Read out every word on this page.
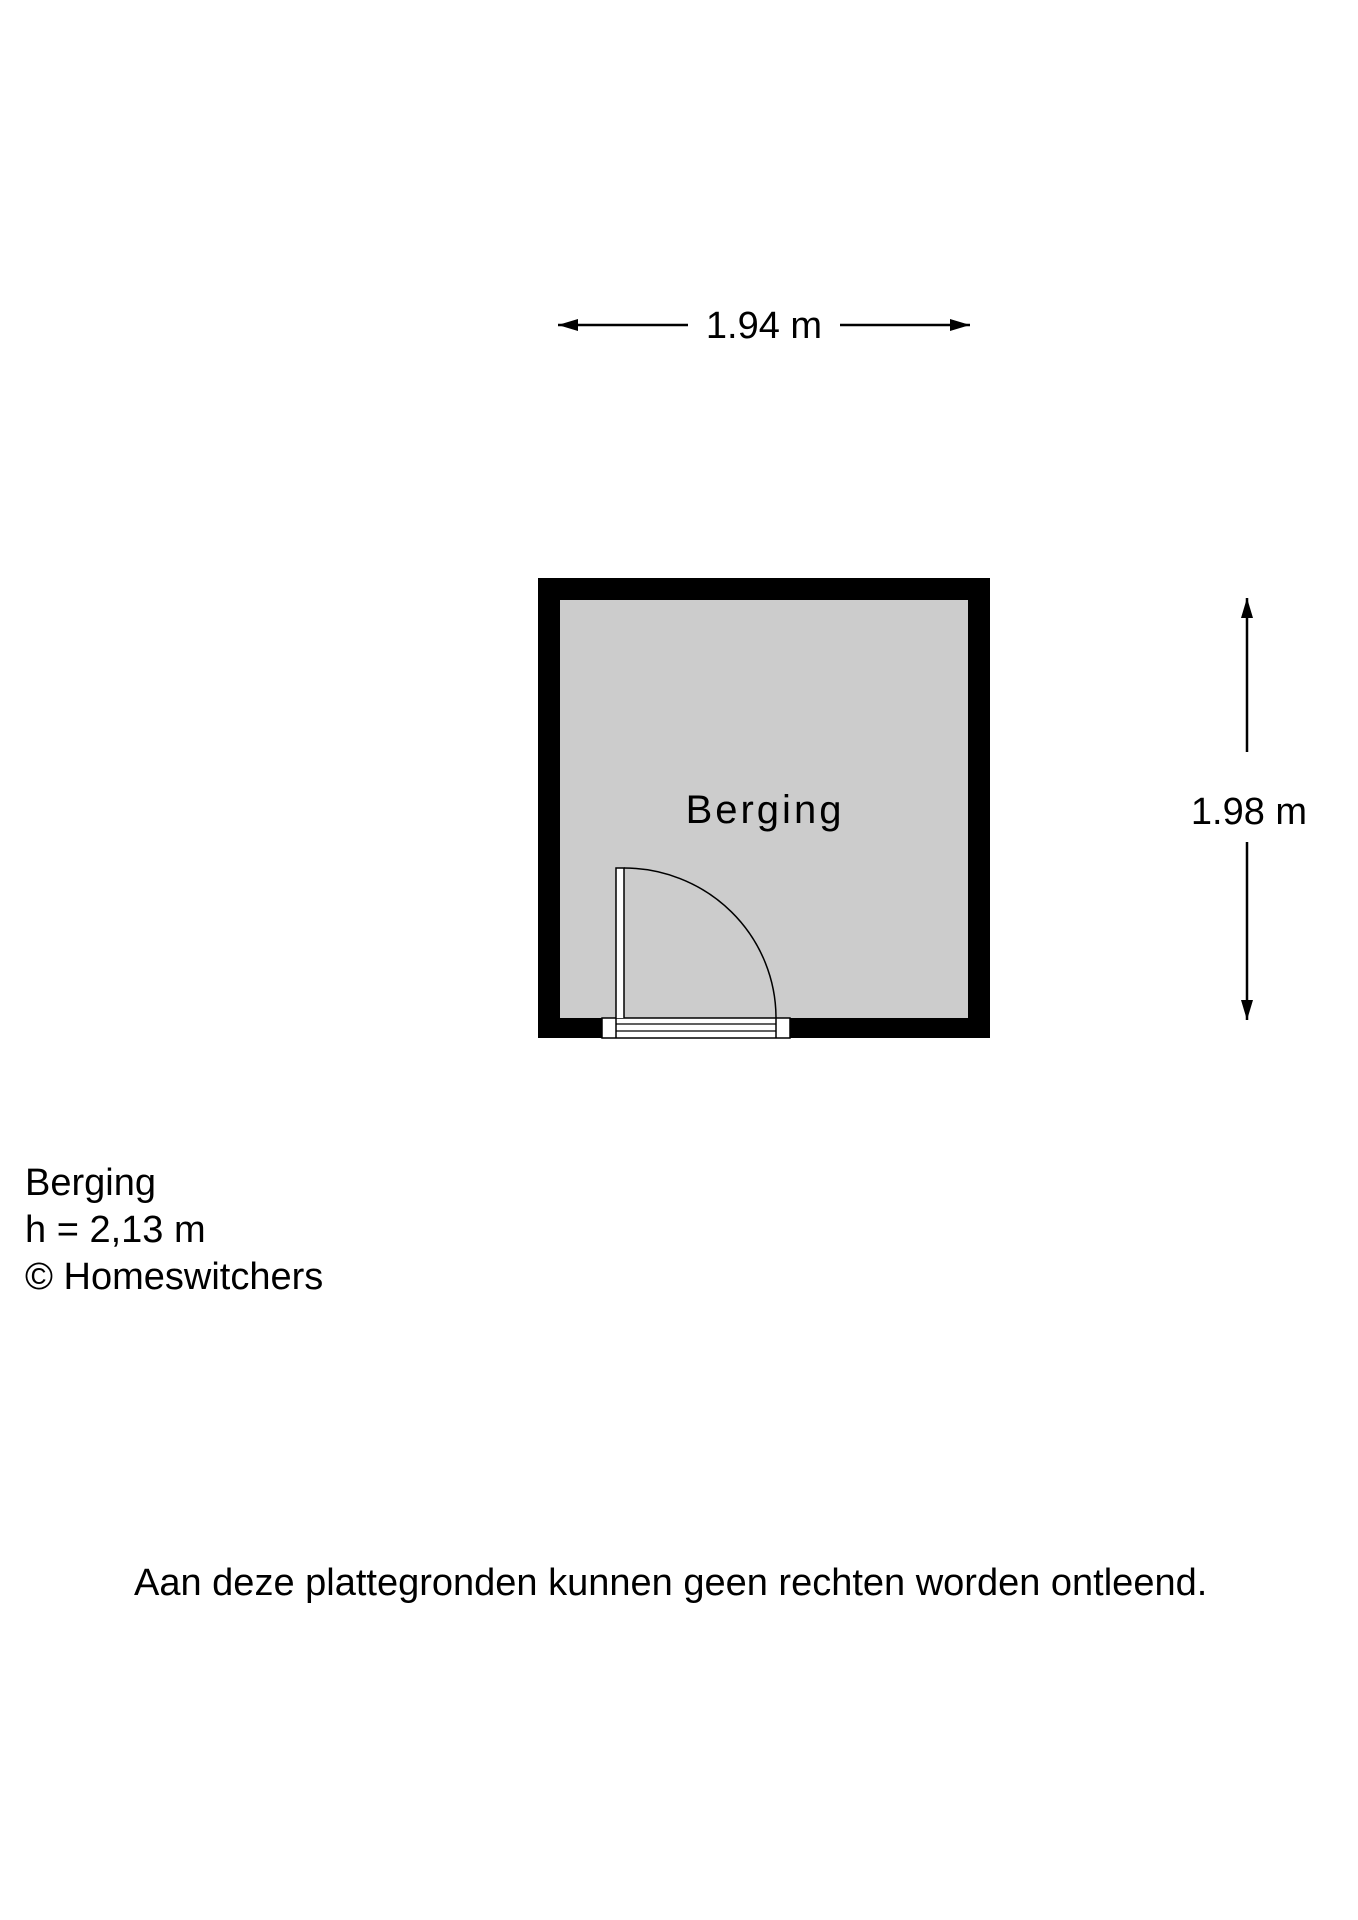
1.94 m
Berging	1.98 m
Berging
h = 2,13 m
© Homeswitchers
Aan deze plattegronden kunnen geen rechten worden ontleend.
